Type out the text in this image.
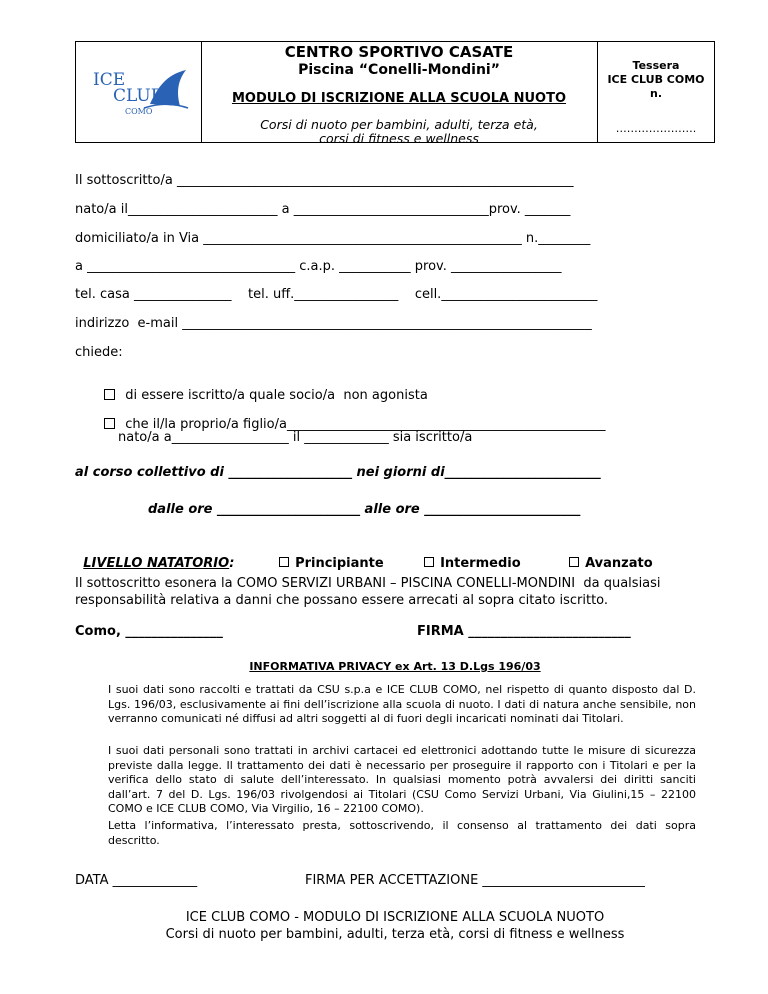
ICE
CLUB
COMO
CENTRO SPORTIVO CASATE
Piscina “Conelli-Mondini”
MODULO DI ISCRIZIONE ALLA SCUOLA NUOTO
Corsi di nuoto per bambini, adulti, terza età,
corsi di fitness e wellness
Tessera
ICE CLUB COMO
n.
………………….
Il sottoscritto/a _____________________________________________________________
nato/a il_______________________ a ______________________________prov. _______
domiciliato/a in Via _________________________________________________ n.________
a ________________________________ c.a.p. ___________ prov. _________________
tel. casa _______________    tel. uff.________________    cell.________________________
indirizzo  e-mail _______________________________________________________________
chiede:

di essere iscritto/a quale socio/a  non agonista

che il/la proprio/a figlio/a_________________________________________________

nato/a a__________________ il _____________ sia iscritto/a
al corso collettivo di ___________________ nei giorni di________________________
dalle ore ______________________ alle ore ________________________

LIVELLO NATATORIO:	Principiante	Intermedio	Avanzato

Il sottoscritto esonera la COMO SERVIZI URBANI – PISCINA CONELLI-MONDINI  da qualsiasi
responsabilità relativa a danni che possano essere arrecati al sopra citato iscritto.
Como, _______________	FIRMA _________________________
INFORMATIVA PRIVACY ex Art. 13 D.Lgs 196/03
I suoi dati sono raccolti e trattati da CSU s.p.a e ICE CLUB COMO, nel rispetto di quanto disposto dal D. Lgs. 196/03, esclusivamente ai fini dell’iscrizione alla scuola di nuoto. I dati di natura anche sensibile, non verranno comunicati né diffusi ad altri soggetti al di fuori degli incaricati nominati dai Titolari.
I suoi dati personali sono trattati in archivi cartacei ed elettronici adottando tutte le misure di sicurezza previste dalla legge. Il trattamento dei dati è necessario per proseguire il rapporto con i Titolari e per la verifica dello stato di salute dell’interessato. In qualsiasi momento potrà avvalersi dei diritti sanciti dall’art. 7 del D. Lgs. 196/03 rivolgendosi ai Titolari (CSU Como Servizi Urbani, Via Giulini,15 – 22100 COMO e ICE CLUB COMO, Via Virgilio, 16 – 22100 COMO).
Letta l’informativa, l’interessato presta, sottoscrivendo, il consenso al trattamento dei dati sopra descritto.
DATA _____________	FIRMA PER ACCETTAZIONE _________________________
ICE CLUB COMO - MODULO DI ISCRIZIONE ALLA SCUOLA NUOTO
Corsi di nuoto per bambini, adulti, terza età, corsi di fitness e wellness
